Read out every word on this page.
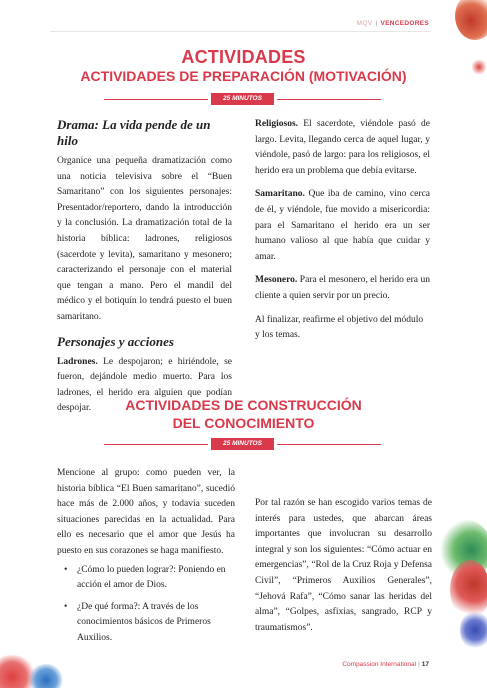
MQV | VENCEDORES
ACTIVIDADES
ACTIVIDADES DE PREPARACIÓN (MOTIVACIÓN)
25 MINUTOS
Drama: La vida pende de un hilo

Organice una pequeña dramatización como una noticia televisiva sobre el “Buen Samaritano” con los siguientes personajes: Presentador/reportero, dando la introducción y la conclusión. La dramatización total de la historia bíblica: ladrones, religiosos (sacerdote y levita), samaritano y mesonero; caracterizando el personaje con el material que tengan a mano. Pero el mandil del médico y el botiquín lo tendrá puesto el buen samaritano.

Personajes y acciones

Ladrones. Le despojaron; e hiriéndole, se fueron, dejándole medio muerto. Para los ladrones, el herido era alguien que podían despojar.

Religiosos. El sacerdote, viéndole pasó de largo. Levita, llegando cerca de aquel lugar, y viéndole, pasó de largo: para los religiosos, el herido era un problema que debía evitarse.

Samaritano. Que iba de camino, vino cerca de él, y viéndole, fue movido a misericordia: para el Samaritano el herido era un ser humano valioso al que había que cuidar y amar.

Mesonero. Para el mesonero, el herido era un cliente a quien servir por un precio.

Al finalizar, reafirme el objetivo del módulo y los temas.

ACTIVIDADES DE CONSTRUCCIÓN
DEL CONOCIMIENTO
25 MINUTOS

Mencione al grupo: como pueden ver, la historia bíblica “El Buen samaritano”, sucedió hace más de 2.000 años, y todavía suceden situaciones parecidas en la actualidad. Para ello es necesario que el amor que Jesús ha puesto en sus corazones se haga manifiesto.

• ¿Cómo lo pueden lograr?: Poniendo en acción el amor de Dios.
• ¿De qué forma?: A través de los conocimientos básicos de Primeros Auxilios.

Por tal razón se han escogido varios temas de interés para ustedes, que abarcan áreas importantes que involucran su desarrollo integral y son los siguientes: “Cómo actuar en emergencias”, “Rol de la Cruz Roja y Defensa Civil”, “Primeros Auxilios Generales”, “Jehová Rafa”, “Cómo sanar las heridas del alma”, “Golpes, asfixias, sangrado, RCP y traumatismos”.

Compassion International | 17
